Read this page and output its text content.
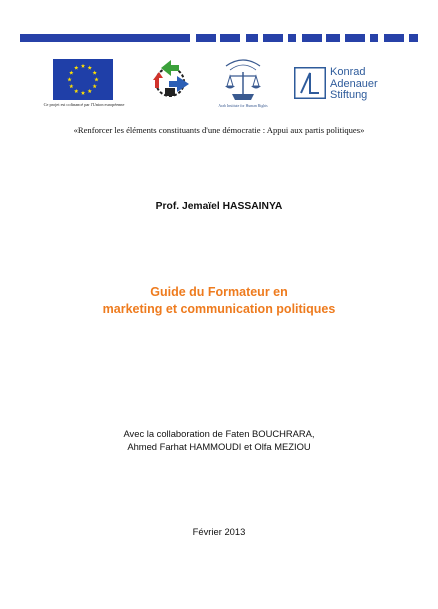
Ce projet est cofinancé par l'Union européenne	Arab Institute for Human Rights
Konrad
Adenauer
Stiftung
«Renforcer les éléments constituants d'une démocratie : Appui aux partis politiques»
Prof. Jemaïel HASSAINYA
Guide du Formateur en
marketing et communication politiques
Avec la collaboration de Faten BOUCHRARA,
Ahmed Farhat HAMMOUDI et Olfa MEZIOU
Février 2013
